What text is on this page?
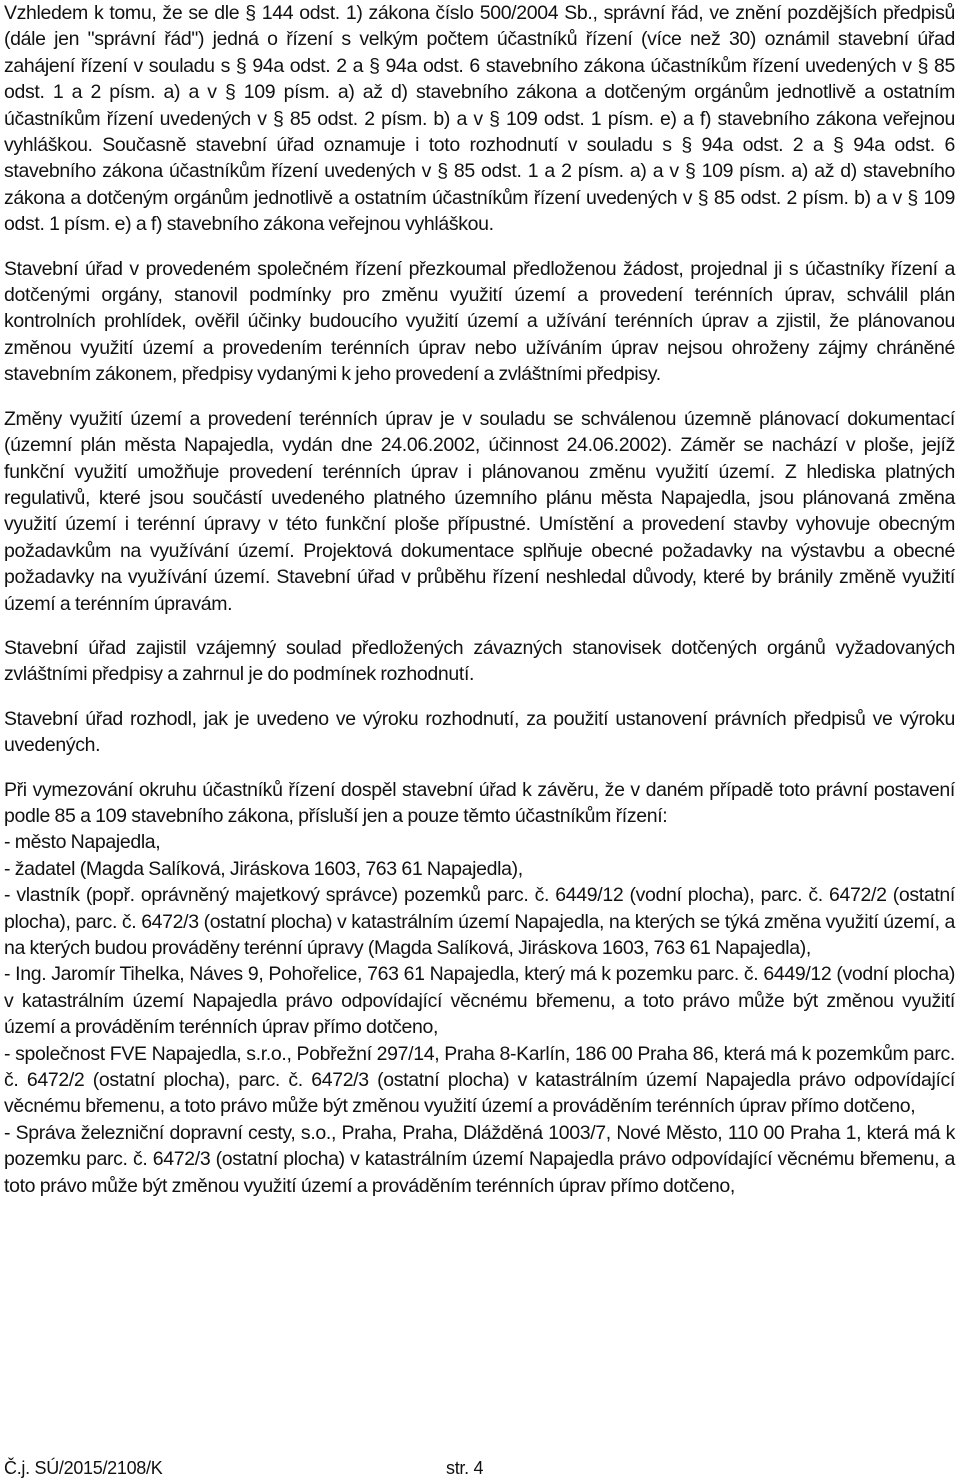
Vzhledem k tomu, že se dle § 144 odst. 1) zákona číslo 500/2004 Sb., správní řád, ve znění pozdějších předpisů (dále jen "správní řád") jedná o řízení s velkým počtem účastníků řízení (více než 30) oznámil stavební úřad zahájení řízení v souladu s § 94a odst. 2 a § 94a odst. 6 stavebního zákona účastníkům řízení uvedených v § 85 odst. 1 a 2 písm. a) a v § 109 písm. a) až d) stavebního zákona a dotčeným orgánům jednotlivě a ostatním účastníkům řízení uvedených v § 85 odst. 2 písm. b) a v § 109 odst. 1 písm. e) a f) stavebního zákona veřejnou vyhláškou. Současně stavební úřad oznamuje i toto rozhodnutí v souladu s § 94a odst. 2 a § 94a odst. 6 stavebního zákona účastníkům řízení uvedených v § 85 odst. 1 a 2 písm. a) a v § 109 písm. a) až d) stavebního zákona a dotčeným orgánům jednotlivě a ostatním účastníkům řízení uvedených v § 85 odst. 2 písm. b) a v § 109 odst. 1 písm. e) a f) stavebního zákona veřejnou vyhláškou.

Stavební úřad v provedeném společném řízení přezkoumal předloženou žádost, projednal ji s účastníky řízení a dotčenými orgány, stanovil podmínky pro změnu využití území a provedení terénních úprav, schválil plán kontrolních prohlídek, ověřil účinky budoucího využití území a užívání terénních úprav a zjistil, že plánovanou změnou využití území a provedením terénních úprav nebo užíváním úprav nejsou ohroženy zájmy chráněné stavebním zákonem, předpisy vydanými k jeho provedení a zvláštními předpisy.

Změny využití území a provedení terénních úprav je v souladu se schválenou územně plánovací dokumentací (územní plán města Napajedla, vydán dne 24.06.2002, účinnost 24.06.2002). Záměr se nachází v ploše, jejíž funkční využití umožňuje provedení terénních úprav i plánovanou změnu využití území. Z hlediska platných regulativů, které jsou součástí uvedeného platného územního plánu města Napajedla, jsou plánovaná změna využití území i terénní úpravy v této funkční ploše přípustné. Umístění a provedení stavby vyhovuje obecným požadavkům na využívání území. Projektová dokumentace splňuje obecné požadavky na výstavbu a obecné požadavky na využívání území. Stavební úřad v průběhu řízení neshledal důvody, které by bránily změně využití území a terénním úpravám.

Stavební úřad zajistil vzájemný soulad předložených závazných stanovisek dotčených orgánů vyžadovaných zvláštními předpisy a zahrnul je do podmínek rozhodnutí.

Stavební úřad rozhodl, jak je uvedeno ve výroku rozhodnutí, za použití ustanovení právních předpisů ve výroku uvedených.

Při vymezování okruhu účastníků řízení dospěl stavební úřad k závěru, že v daném případě toto právní postavení podle 85 a 109 stavebního zákona, přísluší jen a pouze těmto účastníkům řízení:
- město Napajedla,
- žadatel (Magda Salíková, Jiráskova 1603, 763 61 Napajedla),
- vlastník (popř. oprávněný majetkový správce) pozemků parc. č. 6449/12 (vodní plocha), parc. č. 6472/2 (ostatní plocha), parc. č. 6472/3 (ostatní plocha) v katastrálním území Napajedla, na kterých se týká změna využití území, a na kterých budou prováděny terénní úpravy (Magda Salíková, Jiráskova 1603, 763 61 Napajedla),
- Ing. Jaromír Tihelka, Náves 9, Pohořelice, 763 61 Napajedla, který má k pozemku parc. č. 6449/12 (vodní plocha) v katastrálním území Napajedla právo odpovídající věcnému břemenu, a toto právo může být změnou využití území a prováděním terénních úprav přímo dotčeno,
- společnost FVE Napajedla, s.r.o., Pobřežní 297/14, Praha 8-Karlín, 186 00 Praha 86, která má k pozemkům parc. č. 6472/2 (ostatní plocha), parc. č. 6472/3 (ostatní plocha) v katastrálním území Napajedla právo odpovídající věcnému břemenu, a toto právo může být změnou využití území a prováděním terénních úprav přímo dotčeno,
- Správa železniční dopravní cesty, s.o., Praha, Praha, Dlážděná 1003/7, Nové Město, 110 00 Praha 1, která má k pozemku parc. č. 6472/3 (ostatní plocha) v katastrálním území Napajedla právo odpovídající věcnému břemenu, a toto právo může být změnou využití území a prováděním terénních úprav přímo dotčeno,
Č.j. SÚ/2015/2108/K	str. 4
